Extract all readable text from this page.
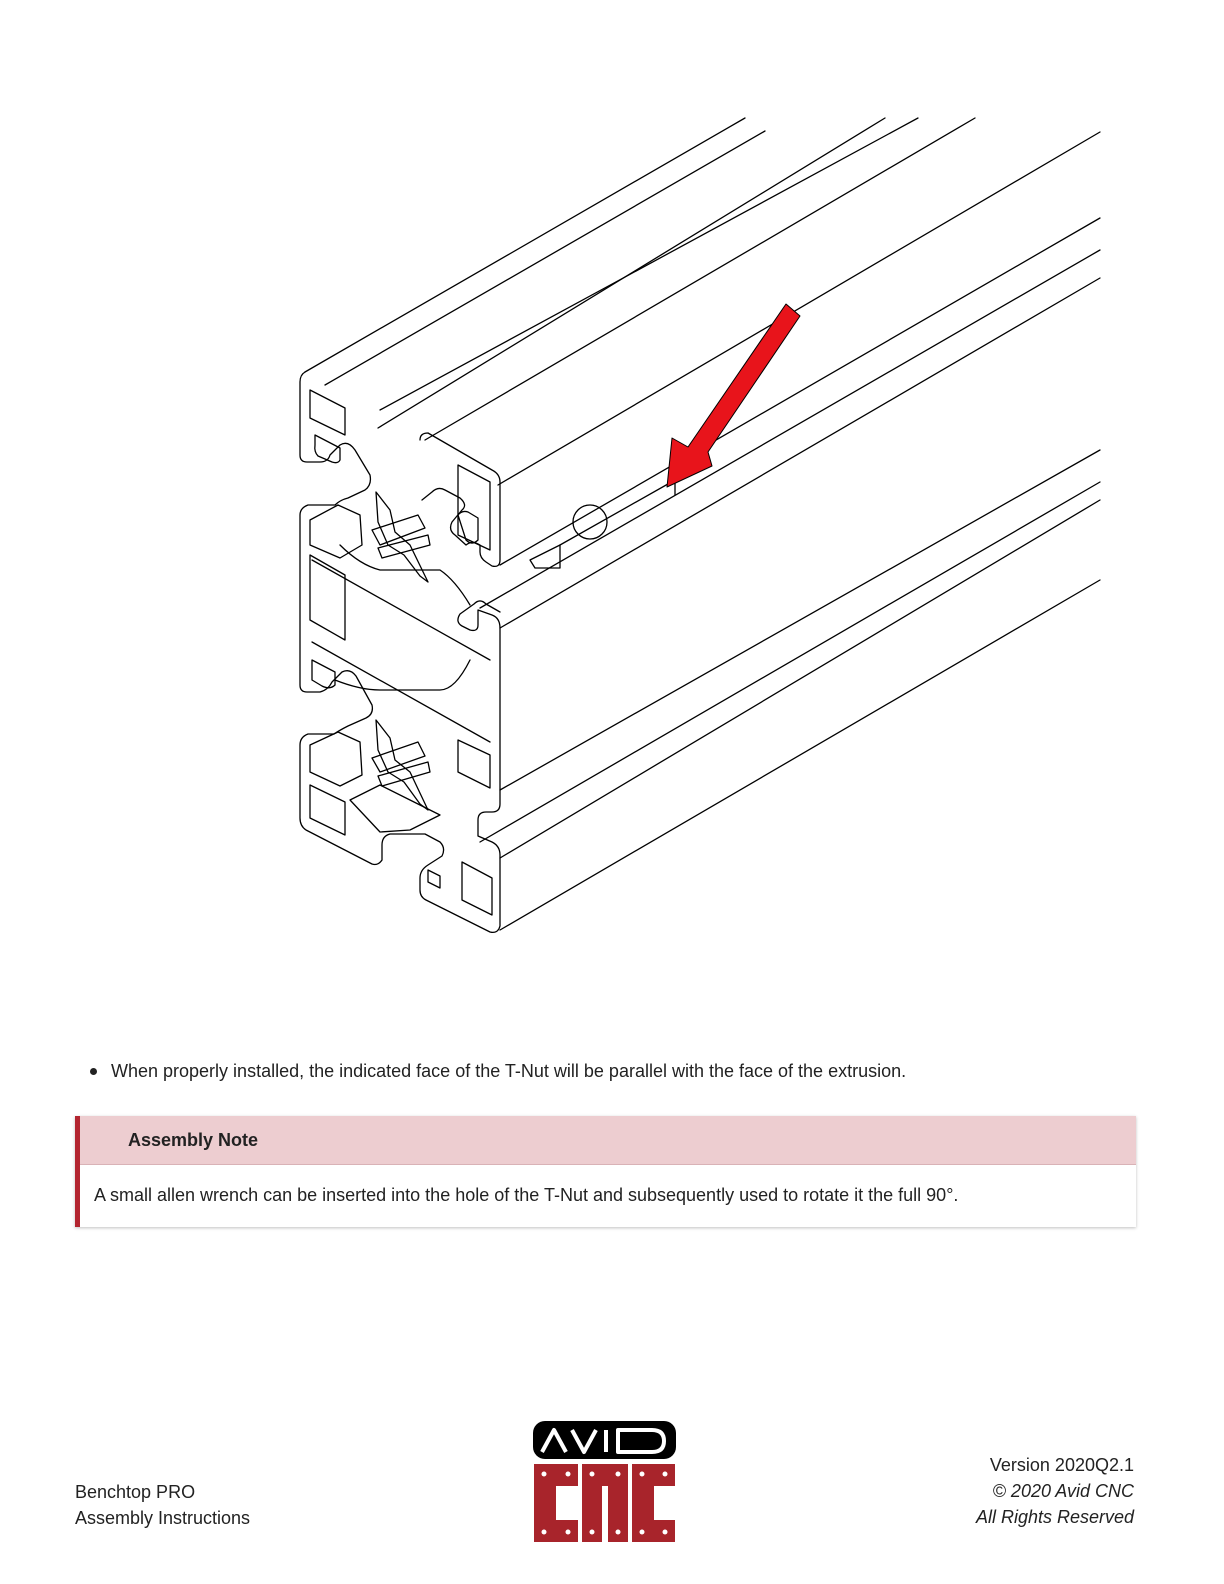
When properly installed, the indicated face of the T-Nut will be parallel with the face of the extrusion.
Assembly Note
A small allen wrench can be inserted into the hole of the T-Nut and subsequently used to rotate it the full 90°.
Benchtop PRO
Assembly Instructions
Version 2020Q2.1
© 2020 Avid CNC
All Rights Reserved
